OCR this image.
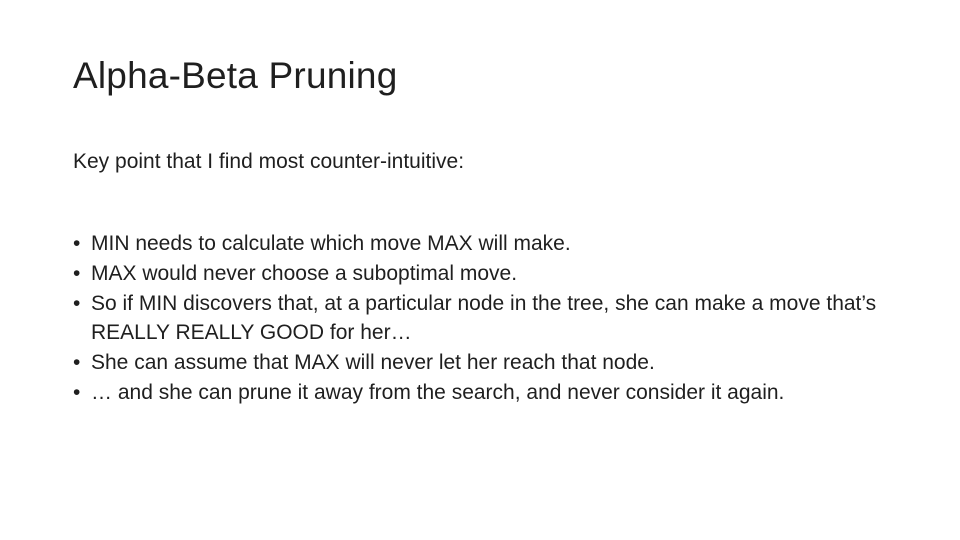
Alpha-Beta Pruning

Key point that I find most counter-intuitive:

• MIN needs to calculate which move MAX will make.
• MAX would never choose a suboptimal move.
• So if MIN discovers that, at a particular node in the tree, she can make a move that’s REALLY REALLY GOOD for her…
• She can assume that MAX will never let her reach that node.
• … and she can prune it away from the search, and never consider it again.
